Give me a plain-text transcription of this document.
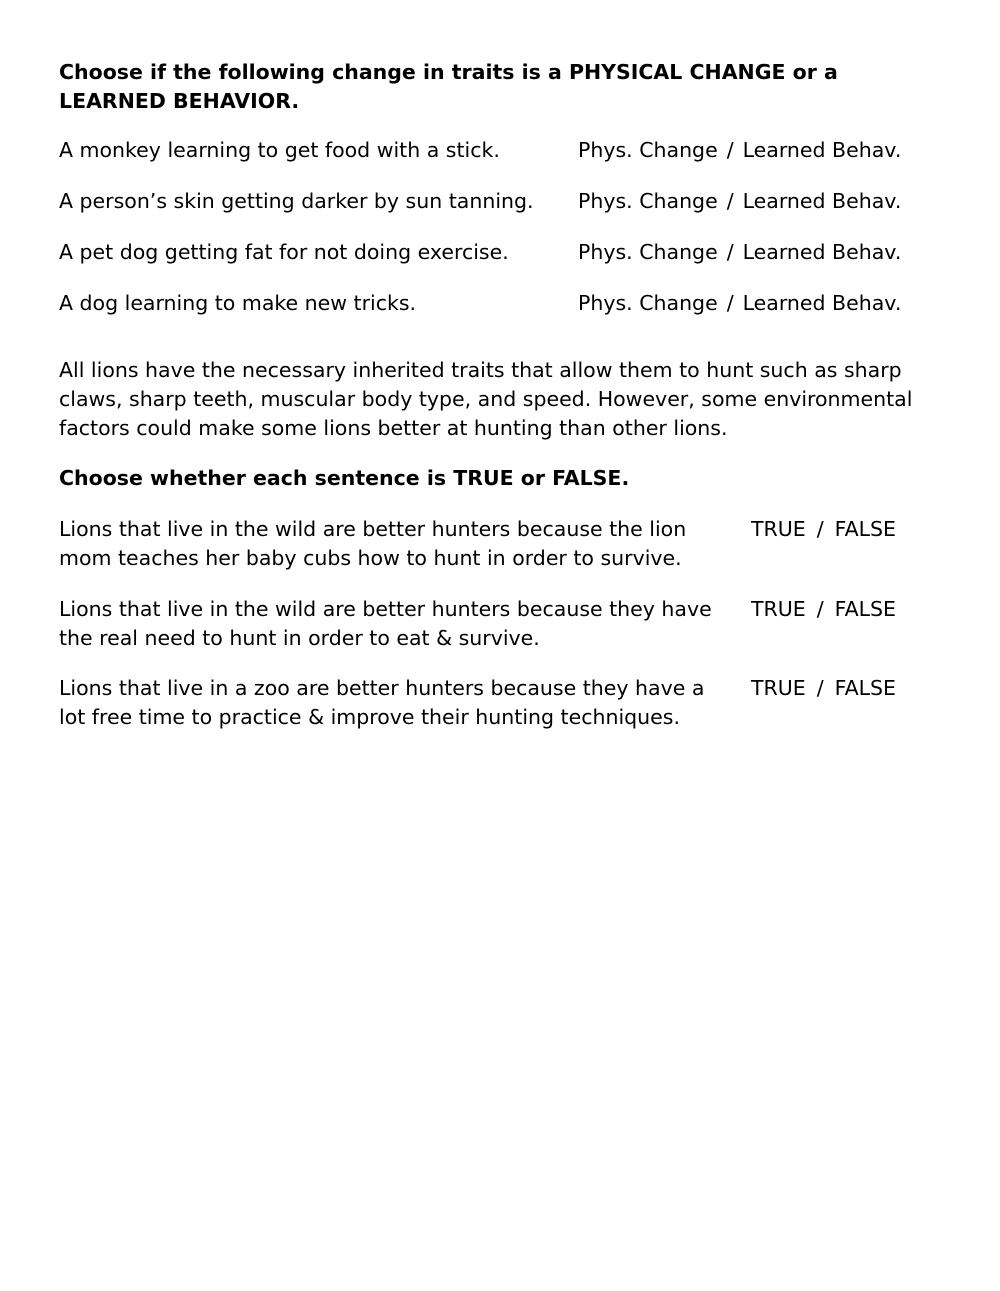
Choose if the following change in traits is a PHYSICAL CHANGE or a LEARNED BEHAVIOR.
A monkey learning to get food with a stick.	Phys. Change / Learned Behav.
A person’s skin getting darker by sun tanning. Phys. Change / Learned Behav.
A pet dog getting fat for not doing exercise.	Phys. Change / Learned Behav.
A dog learning to make new tricks.	Phys. Change / Learned Behav.
All lions have the necessary inherited traits that allow them to hunt such as sharp claws, sharp teeth, muscular body type, and speed. However, some environmental factors could make some lions better at hunting than other lions.
Choose whether each sentence is TRUE or FALSE.
Lions that live in the wild are better hunters because the lion mom teaches her baby cubs how to hunt in order to survive.
TRUE / FALSE
Lions that live in the wild are better hunters because they have the real need to hunt in order to eat & survive.
TRUE / FALSE
Lions that live in a zoo are better hunters because they have a lot free time to practice & improve their hunting techniques.
TRUE / FALSE
